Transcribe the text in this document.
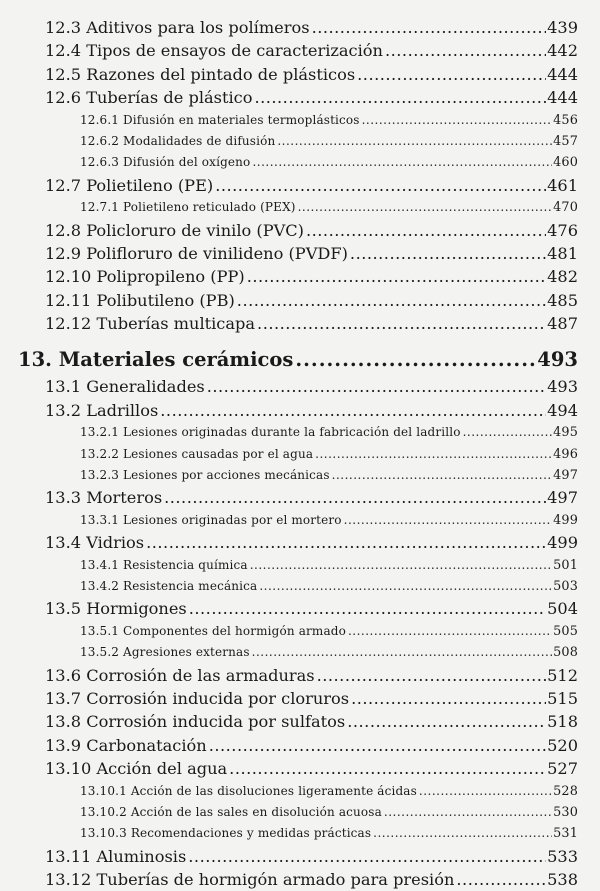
12.3 Aditivos para los polímeros .....	439
12.4 Tipos de ensayos de caracterización .....	442
12.5 Razones del pintado de plásticos .....	444
12.6 Tuberías de plástico .....	444
12.6.1 Difusión en materiales termoplásticos .....	456
12.6.2 Modalidades de difusión .....	457
12.6.3 Difusión del oxígeno .....	460
12.7 Polietileno (PE) .....	461
12.7.1 Polietileno reticulado (PEX) .....	470
12.8 Policloruro de vinilo (PVC) .....	476
12.9 Polifloruro de vinilideno (PVDF) .....	481
12.10 Polipropileno (PP) .....	482
12.11 Polibutileno (PB) .....	485
12.12 Tuberías multicapa .....	487
13. Materiales cerámicos .....	493
13.1 Generalidades .....	493
13.2 Ladrillos .....	494
13.2.1 Lesiones originadas durante la fabricación del ladrillo .....	495
13.2.2 Lesiones causadas por el agua .....	496
13.2.3 Lesiones por acciones mecánicas .....	497
13.3 Morteros .....	497
13.3.1 Lesiones originadas por el mortero .....	499
13.4 Vidrios .....	499
13.4.1 Resistencia química .....	501
13.4.2 Resistencia mecánica .....	503
13.5 Hormigones .....	504
13.5.1 Componentes del hormigón armado .....	505
13.5.2 Agresiones externas .....	508
13.6 Corrosión de las armaduras .....	512
13.7 Corrosión inducida por cloruros .....	515
13.8 Corrosión inducida por sulfatos .....	518
13.9 Carbonatación .....	520
13.10 Acción del agua .....	527
13.10.1 Acción de las disoluciones ligeramente ácidas .....	528
13.10.2 Acción de las sales en disolución acuosa .....	530
13.10.3 Recomendaciones y medidas prácticas .....	531
13.11 Aluminosis .....	533
13.12 Tuberías de hormigón armado para presión .....	538
